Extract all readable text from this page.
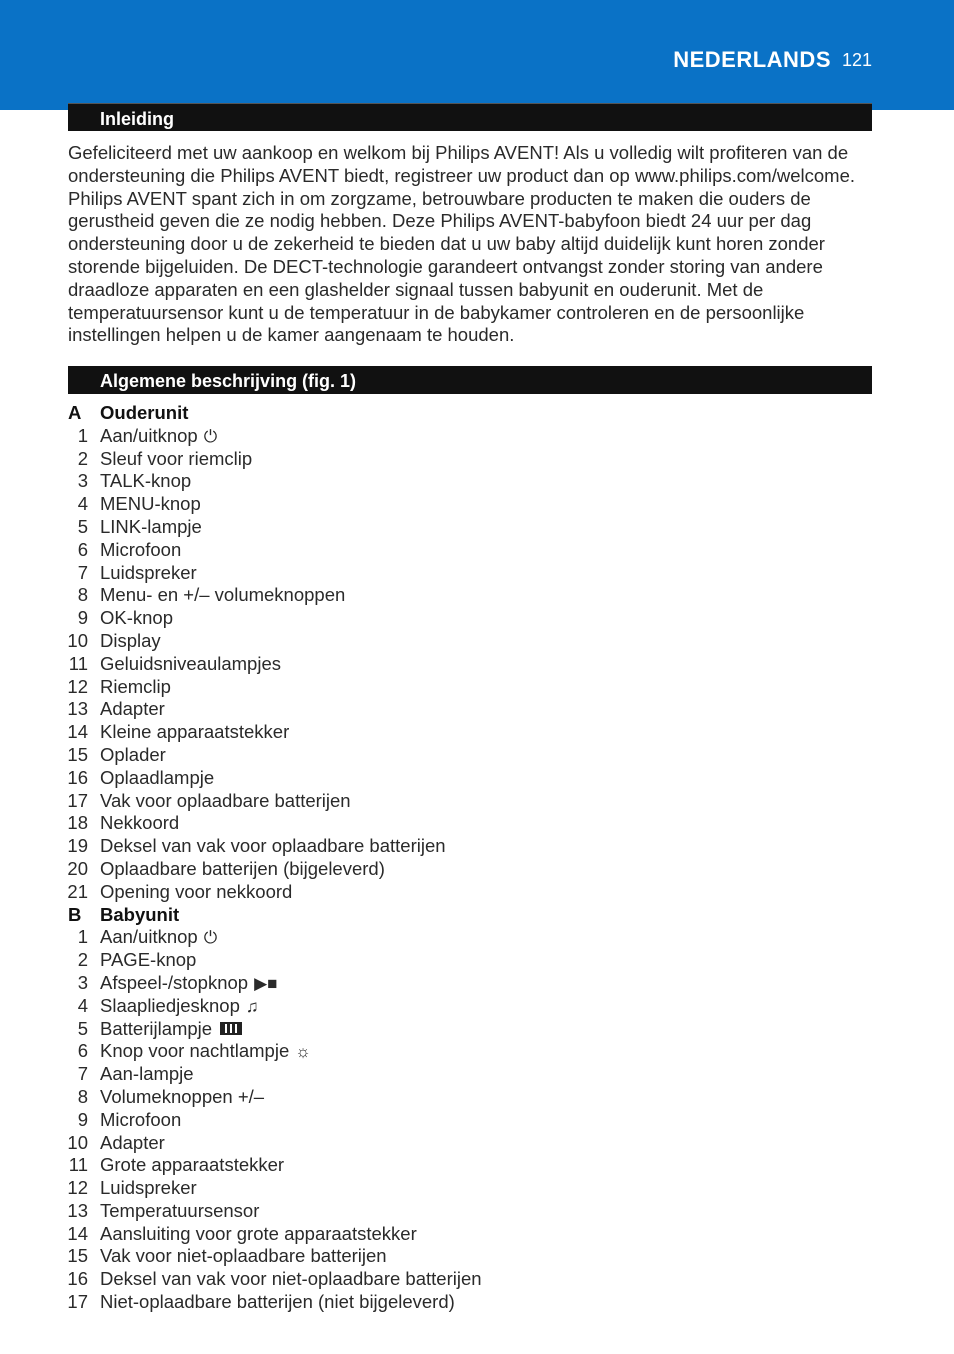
NEDERLANDS 121
Inleiding

Gefeliciteerd met uw aankoop en welkom bij Philips AVENT! Als u volledig wilt profiteren van de

ondersteuning die Philips AVENT biedt, registreer uw product dan op www.philips.com/welcome.

Philips AVENT spant zich in om zorgzame, betrouwbare producten te maken die ouders de

gerustheid geven die ze nodig hebben. Deze Philips AVENT-babyfoon biedt 24 uur per dag

ondersteuning door u de zekerheid te bieden dat u uw baby altijd duidelijk kunt horen zonder

storende bijgeluiden. De DECT-technologie garandeert ontvangst zonder storing van andere

draadloze apparaten en een glashelder signaal tussen babyunit en ouderunit. Met de

temperatuursensor kunt u de temperatuur in de babykamer controleren en de persoonlijke

instellingen helpen u de kamer aangenaam te houden.

Algemene beschrijving (fig. 1)
A Ouderunit
1 Aan/uitknop ⏻
2 Sleuf voor riemclip
3 TALK-knop
4 MENU-knop
5 LINK-lampje
6 Microfoon
7 Luidspreker
8 Menu- en +/– volumeknoppen
9 OK-knop
10 Display
11 Geluidsniveaulampjes
12 Riemclip
13 Adapter
14 Kleine apparaatstekker
15 Oplader
16 Oplaadlampje
17 Vak voor oplaadbare batterijen
18 Nekkoord
19 Deksel van vak voor oplaadbare batterijen
20 Oplaadbare batterijen (bijgeleverd)
21 Opening voor nekkoord
B Babyunit
1 Aan/uitknop ⏻
2 PAGE-knop
3 Afspeel-/stopknop ▶■
4 Slaapliedjesknop ♫
5 Batterijlampje
6 Knop voor nachtlampje ☼
7 Aan-lampje
8 Volumeknoppen +/–
9 Microfoon
10 Adapter
11 Grote apparaatstekker
12 Luidspreker
13 Temperatuursensor
14 Aansluiting voor grote apparaatstekker
15 Vak voor niet-oplaadbare batterijen
16 Deksel van vak voor niet-oplaadbare batterijen
17 Niet-oplaadbare batterijen (niet bijgeleverd)
